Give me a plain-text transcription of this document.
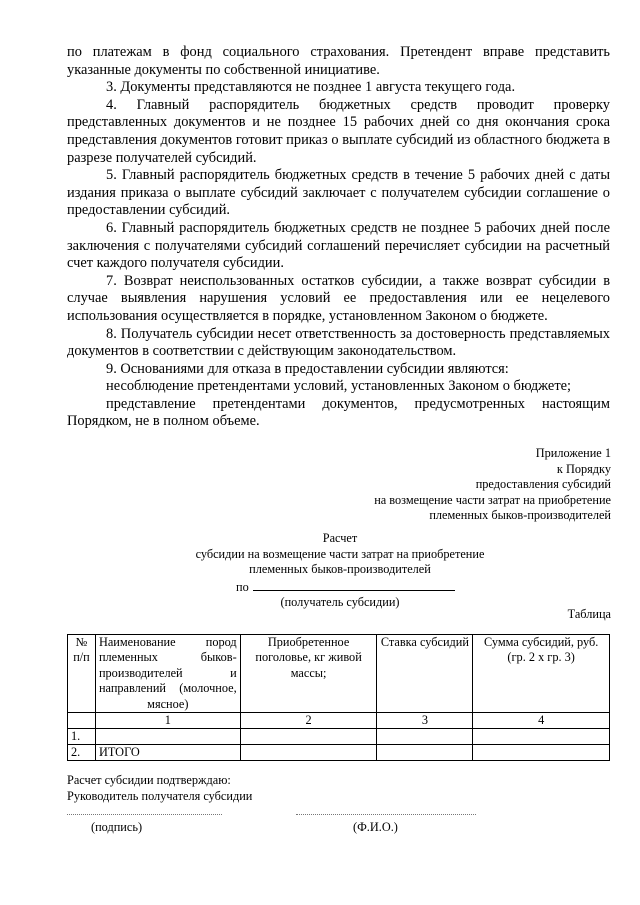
по платежам в фонд социального страхования. Претендент вправе представить указанные документы по собственной инициативе.

3. Документы представляются не позднее 1 августа текущего года.

4. Главный распорядитель бюджетных средств проводит проверку представленных документов и не позднее 15 рабочих дней со дня окончания срока представления документов готовит приказ о выплате субсидий из областного бюджета в разрезе получателей субсидий.

5. Главный распорядитель бюджетных средств в течение 5 рабочих дней с даты издания приказа о выплате субсидий заключает с получателем субсидии соглашение о предоставлении субсидий.

6. Главный распорядитель бюджетных средств не позднее 5 рабочих дней после заключения с получателями субсидий соглашений перечисляет субсидии на расчетный счет каждого получателя субсидии.

7. Возврат неиспользованных остатков субсидии, а также возврат субсидии в случае выявления нарушения условий ее предоставления или ее нецелевого использования осуществляется в порядке, установленном Законом о бюджете.

8. Получатель субсидии несет ответственность за достоверность представляемых документов в соответствии с действующим законодательством.

9. Основаниями для отказа в предоставлении субсидии являются:

несоблюдение претендентами условий, установленных Законом о бюджете;

представление претендентами документов, предусмотренных настоящим Порядком, не в полном объеме.

Приложение 1
к Порядку
предоставления субсидий
на возмещение части затрат на приобретение
племенных быков-производителей
Расчет
субсидии на возмещение части затрат на приобретение
племенных быков-производителей
по
(получатель субсидии)
Таблица
№ п/п	Наименование пород племенных быков-производителей и направлений (молочное, мясное)	Приобретенное поголовье, кг живой массы;	Ставка субсидий	Сумма субсидий, руб. (гр. 2 х гр. 3)
	1	2	3	4
1.				
2.	ИТОГО			
Расчет субсидии подтверждаю:
Руководитель получателя субсидии
(подпись)	(Ф.И.О.)
